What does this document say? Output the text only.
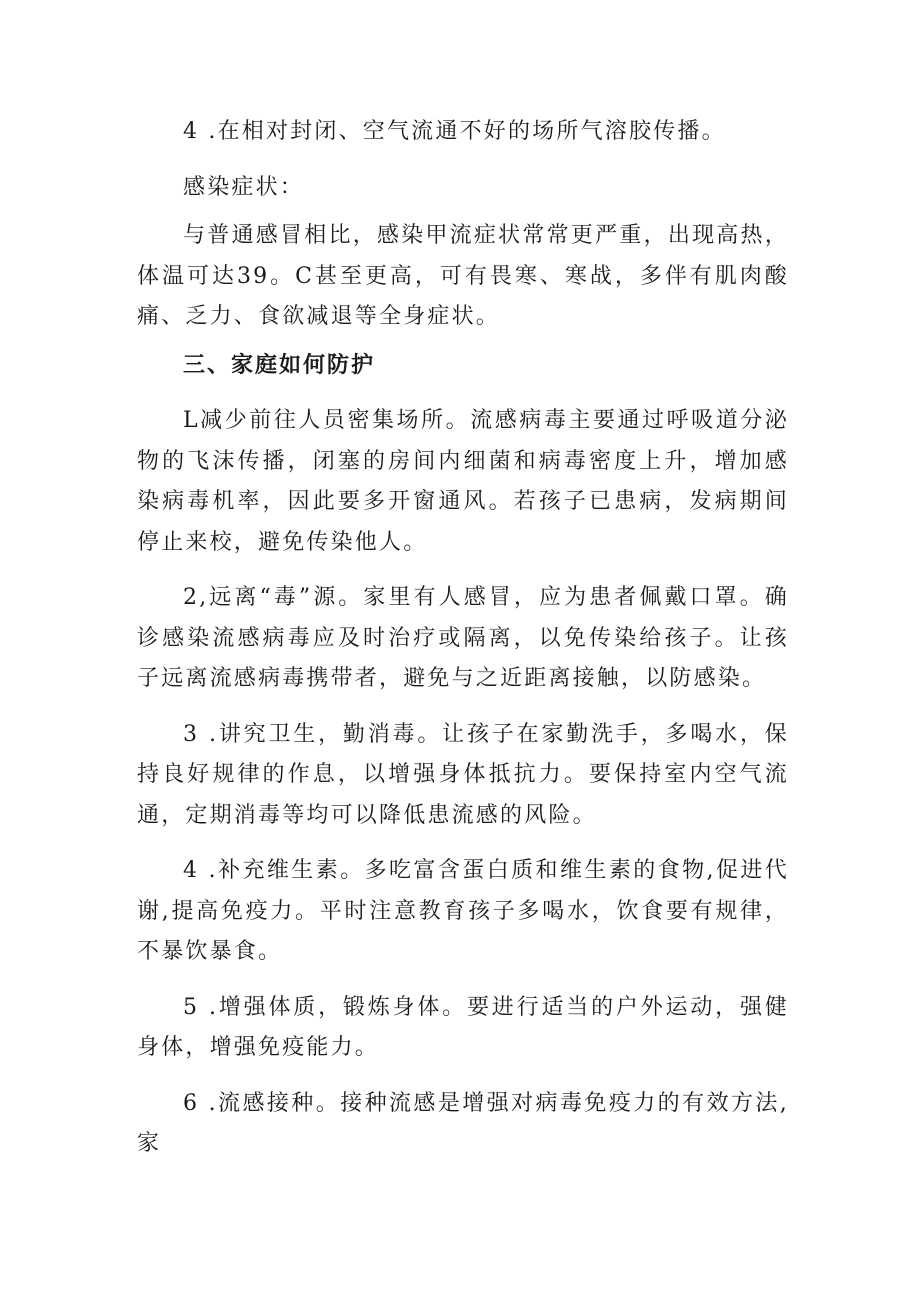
4 .在相对封闭、空气流通不好的场所气溶胶传播。

感染症状：

与普通感冒相比，感染甲流症状常常更严重，出现高热，体温可达39。C甚至更高，可有畏寒、寒战，多伴有肌肉酸痛、乏力、食欲减退等全身症状。

三、家庭如何防护

L减少前往人员密集场所。流感病毒主要通过呼吸道分泌物的飞沫传播，闭塞的房间内细菌和病毒密度上升，增加感染病毒机率，因此要多开窗通风。若孩子已患病，发病期间停止来校，避免传染他人。

2,远离“毒”源。家里有人感冒，应为患者佩戴口罩。确诊感染流感病毒应及时治疗或隔离，以免传染给孩子。让孩子远离流感病毒携带者，避免与之近距离接触，以防感染。

3 .讲究卫生，勤消毒。让孩子在家勤洗手，多喝水，保持良好规律的作息，以增强身体抵抗力。要保持室内空气流通，定期消毒等均可以降低患流感的风险。

4 .补充维生素。多吃富含蛋白质和维生素的食物,促进代谢,提高免疫力。平时注意教育孩子多喝水，饮食要有规律，不暴饮暴食。

5 .增强体质，锻炼身体。要进行适当的户外运动，强健身体，增强免疫能力。

6 .流感接种。接种流感是增强对病毒免疫力的有效方法,家
